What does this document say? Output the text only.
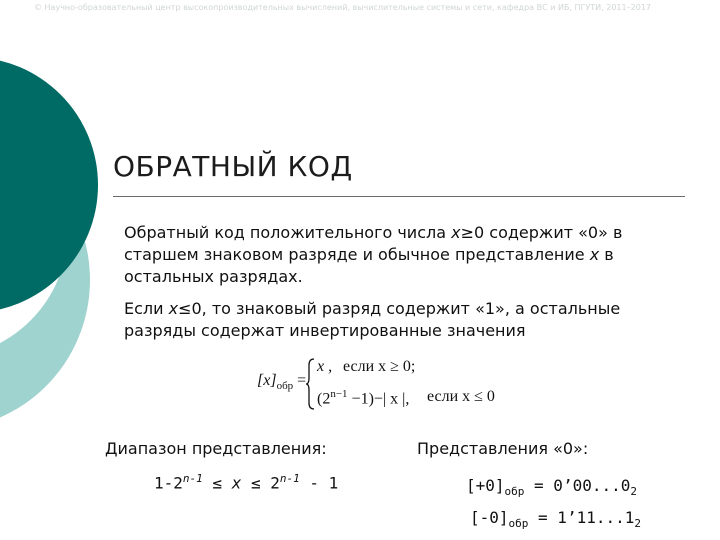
© Научно-образовательный центр высокопроизводительных вычислений, вычислительные системы и сети, кафедра ВС и ИБ, ПГУТИ, 2011–2017
ОБРАТНЫЙ КОД
Обратный код положительного числа x≥0 содержит «0» в старшем знаковом разряде и обычное представление x в остальных разрядах.
Если x≤0, то знаковый разряд содержит «1», а остальные разряды содержат инвертированные значения
$[x]_{обр}$ =
x , если x ≥ 0;
$(2^{n-1} -1)-|$ x |, если x ≤ 0
Диапазон представления:	Представления «0»:
$1-2^{n-1} \le x \le 2^{n-1} - 1$	$[+0]_{обр}$ = $0’00...0_2$
$[-0]_{обр}$ = $1’11...1_2$
